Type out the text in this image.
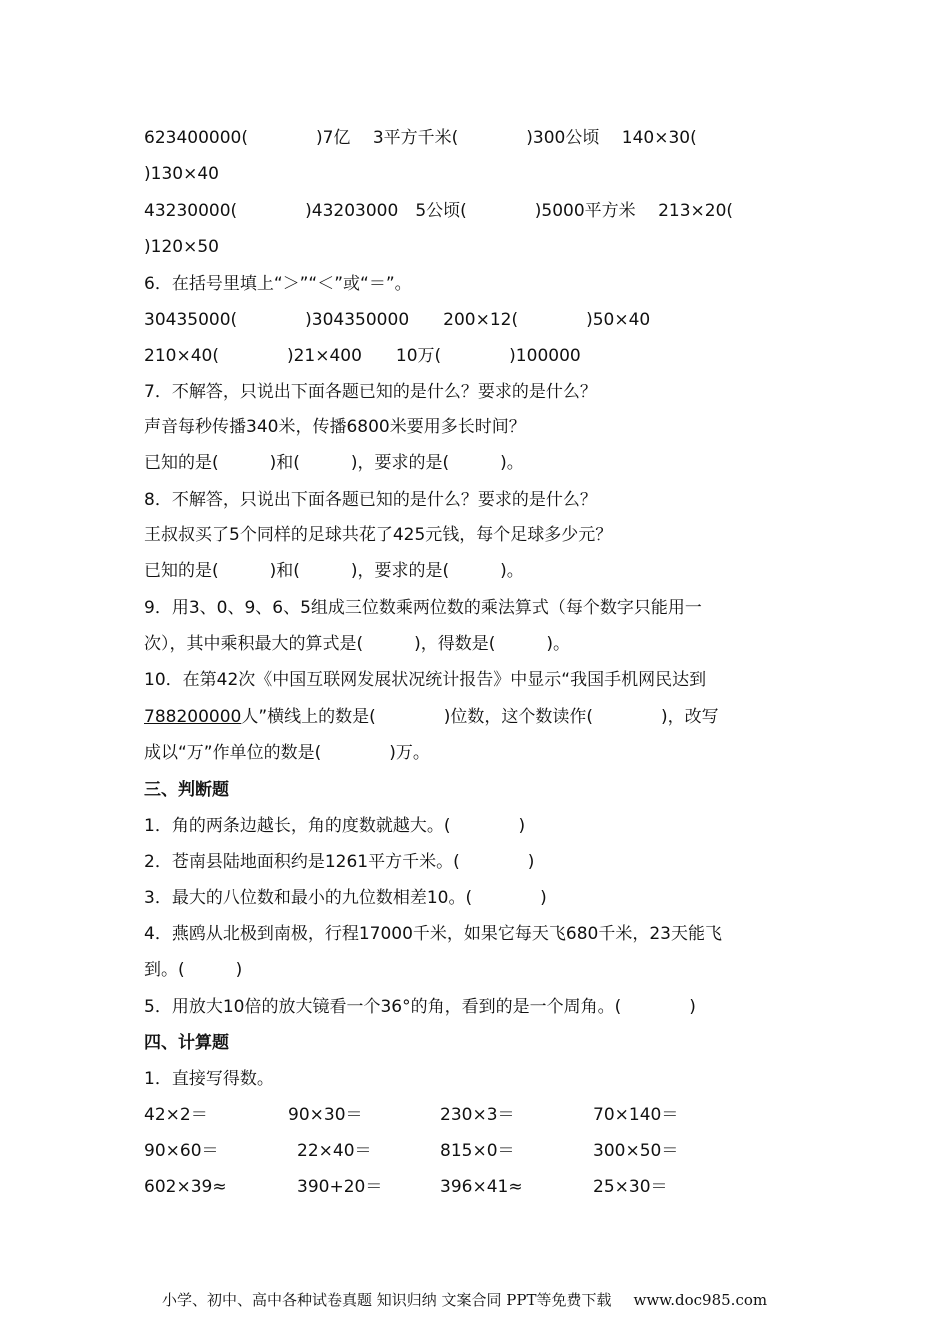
623400000(　　　　)7亿　 3平方千米(　　　　)300公顷　 140×30(
)130×40
43230000(　　　　)43203000　5公顷(　　　　)5000平方米　 213×20(
)120×50
6．在括号里填上“＞”“＜”或“＝”。
30435000(　　　　)304350000　　200×12(　　　　)50×40
210×40(　　　　)21×400　　10万(　　　　)100000
7．不解答，只说出下面各题已知的是什么？要求的是什么？
声音每秒传播340米，传播6800米要用多长时间？
已知的是(　　　)和(　　　)，要求的是(　　　)。
8．不解答，只说出下面各题已知的是什么？要求的是什么？
王叔叔买了5个同样的足球共花了425元钱，每个足球多少元？
已知的是(　　　)和(　　　)，要求的是(　　　)。
9．用3、0、9、6、5组成三位数乘两位数的乘法算式（每个数字只能用一
次），其中乘积最大的算式是(　　　)，得数是(　　　)。
10．在第42次《中国互联网发展状况统计报告》中显示“我国手机网民达到
788200000人”横线上的数是(　　　　)位数，这个数读作(　　　　)，改写
成以“万”作单位的数是(　　　　)万。
三、判断题
1．角的两条边越长，角的度数就越大。(　　　　)
2．苍南县陆地面积约是1261平方千米。(　　　　)
3．最大的八位数和最小的九位数相差10。(　　　　)
4．燕鸥从北极到南极，行程17000千米，如果它每天飞680千米，23天能飞
到。(　　　)
5．用放大10倍的放大镜看一个36°的角，看到的是一个周角。(　　　　)
四、计算题
1．直接写得数。
42×2＝	90×30＝	230×3＝	70×140＝
90×60＝	22×40＝	815×0＝	300×50＝
602×39≈	390+20＝	396×41≈	25×30＝
小学、初中、高中各种试卷真题 知识归纳 文案合同 PPT等免费下载 www.doc985.com
